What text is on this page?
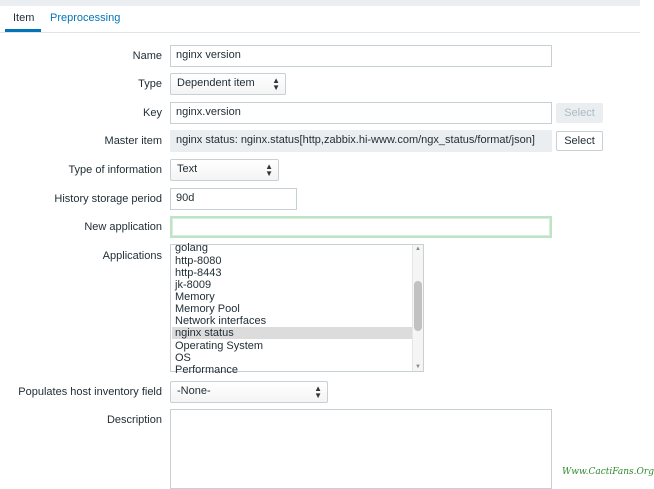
Item Preprocessing
Name	nginx version
Type	Dependent item ▲
▼
Key	nginx.version	Select
Master item	nginx status: nginx.status[http,zabbix.hi-www.com/ngx_status/format/json]	Select
Type of information	Text	▲
▼
History storage period	90d
New application
Applications
golang
http-8080
http-8443
jk-8009
Memory
Memory Pool
Network interfaces
nginx status
Operating System
OS
Performance
▲
▼
Populates host inventory field	-None-	▲
▼
Description
Www.CactiFans.Org
